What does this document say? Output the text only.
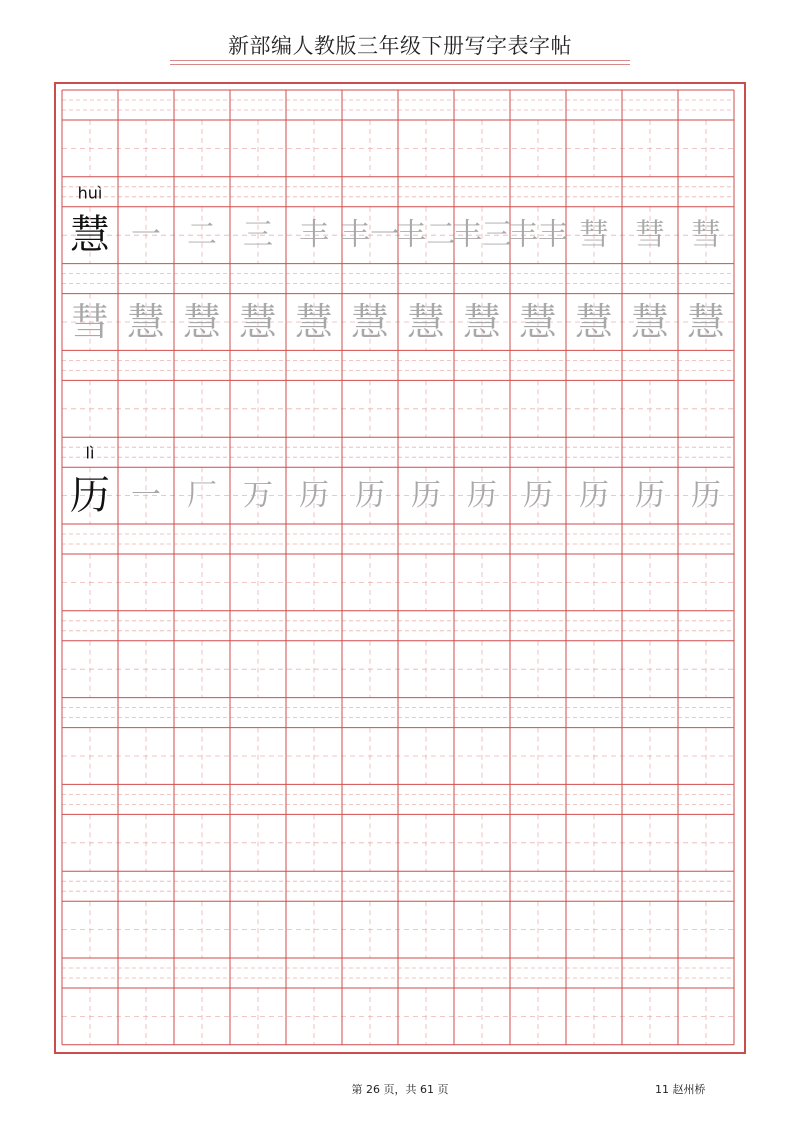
新部编人教版三年级下册写字表字帖
huì
慧 一 二 三 丰 丰一
丰二
丰三
丰丰 彗 彗 彗
彗 慧 慧 慧 慧 慧 慧 慧 慧 慧 慧 慧
lì
历 一 厂 万 历 历 历 历 历 历 历 历
第 26 页，共 61 页	11 赵州桥
